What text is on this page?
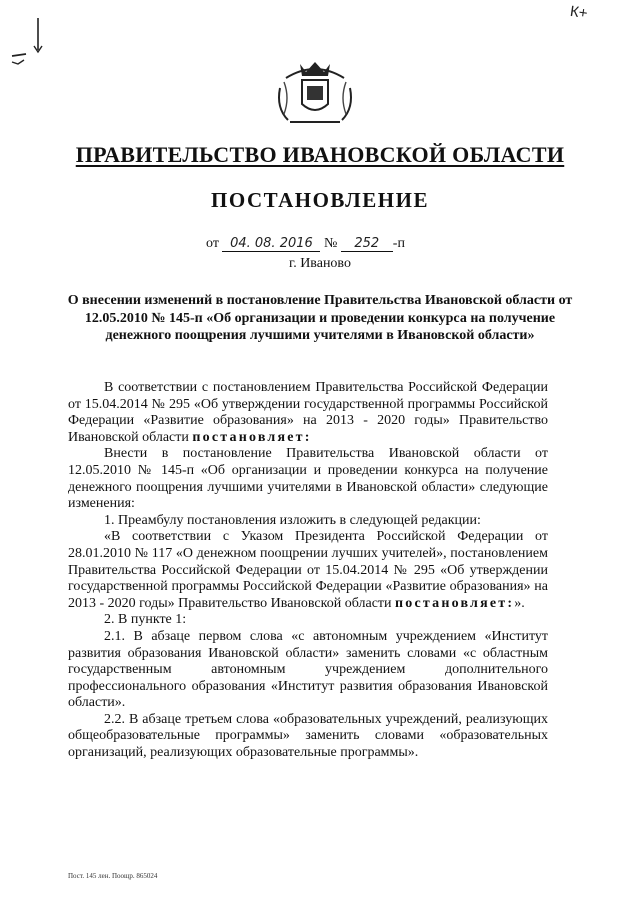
К+
ПРАВИТЕЛЬСТВО ИВАНОВСКОЙ ОБЛАСТИ
ПОСТАНОВЛЕНИЕ
от 04. 08. 2016 № 252 -п
г. Иваново
О внесении изменений в постановление Правительства Ивановской области от 12.05.2010 № 145-п «Об организации и проведении конкурса на получение денежного поощрения лучшими учителями в Ивановской области»

В соответствии с постановлением Правительства Российской Федерации от 15.04.2014 № 295 «Об утверждении государственной программы Российской Федерации «Развитие образования» на 2013 - 2020 годы» Правительство Ивановской области постановляет:

Внести в постановление Правительства Ивановской области от 12.05.2010 № 145-п «Об организации и проведении конкурса на получение денежного поощрения лучшими учителями в Ивановской области» следующие изменения:

1. Преамбулу постановления изложить в следующей редакции:

«В соответствии с Указом Президента Российской Федерации от 28.01.2010 № 117 «О денежном поощрении лучших учителей», постановлением Правительства Российской Федерации от 15.04.2014 № 295 «Об утверждении государственной программы Российской Федерации «Развитие образования» на 2013 - 2020 годы» Правительство Ивановской области постановляет:».

2. В пункте 1:

2.1. В абзаце первом слова «с автономным учреждением «Институт развития образования Ивановской области» заменить словами «с областным государственным автономным учреждением дополнительного профессионального образования «Институт развития образования Ивановской области».

2.2. В абзаце третьем слова «образовательных учреждений, реализующих общеобразовательные программы» заменить словами «образовательных организаций, реализующих образовательные программы».

Пост. 145 лен. Поощр. 865024
